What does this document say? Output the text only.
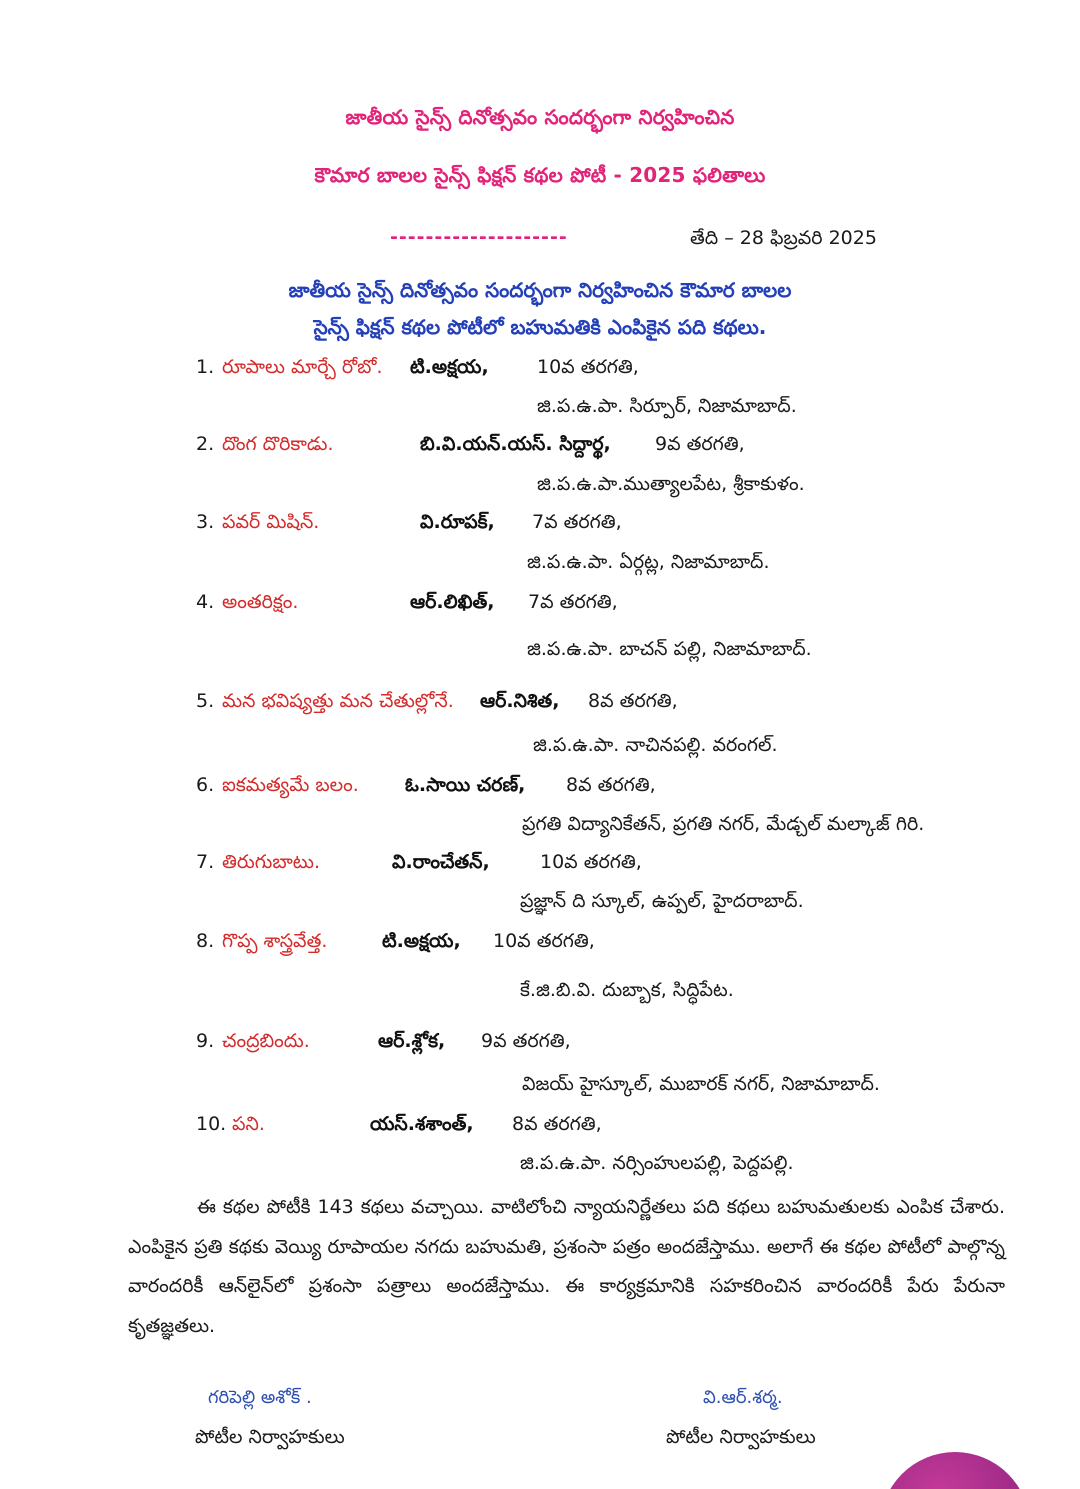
జాతీయ సైన్స్ దినోత్సవం సందర్భంగా నిర్వహించిన
కౌమార బాలల సైన్స్ ఫిక్షన్ కథల పోటీ - 2025 ఫలితాలు
--------------------	తేది – 28 ఫిబ్రవరి 2025
జాతీయ సైన్స్ దినోత్సవం సందర్భంగా నిర్వహించిన కౌమార బాలల
సైన్స్ ఫిక్షన్ కథల పోటీలో బహుమతికి ఎంపికైన పది కథలు.
1. రూపాలు మార్చే రోబో. టి.అక్షయ,	10వ తరగతి,
జి.ప.ఉ.పా. సిర్పూర్, నిజామాబాద్.
2. దొంగ దొరికాడు.	బి.వి.యన్.యస్. సిద్దార్థ, 9వ తరగతి,
జి.ప.ఉ.పా.ముత్యాలపేట, శ్రీకాకుళం.
3. పవర్ మిషిన్.	వి.రూపక్, 7వ తరగతి,
జి.ప.ఉ.పా. ఏర్గట్ల, నిజామాబాద్.
4. అంతరిక్షం.	ఆర్.లిఖిత్, 7వ తరగతి,
జి.ప.ఉ.పా. బాచన్ పల్లి, నిజామాబాద్.
5. మన భవిష్యత్తు మన చేతుల్లోనే. ఆర్.నిశిత, 8వ తరగతి,
జి.ప.ఉ.పా. నాచినపల్లి. వరంగల్.
6. ఐకమత్యమే బలం. ఓ.సాయి చరణ్, 8వ తరగతి,
ప్రగతి విద్యానికేతన్, ప్రగతి నగర్, మేడ్చల్ మల్కాజ్ గిరి.
7. తిరుగుబాటు.	వి.రాంచేతన్,	10వ తరగతి,
ప్రజ్ఞాన్ ది స్కూల్, ఉప్పల్, హైదరాబాద్.
8. గొప్ప శాస్త్రవేత్త.	టి.అక్షయ, 10వ తరగతి,
కే.జి.బి.వి. దుబ్బాక, సిద్ధిపేట.
9. చంద్రబిందు.	ఆర్.శ్లోక, 9వ తరగతి,
విజయ్ హైస్కూల్, ముబారక్ నగర్, నిజామాబాద్.
10. పని.	యస్.శశాంత్, 8వ తరగతి,
జి.ప.ఉ.పా. నర్సింహులపల్లి, పెద్దపల్లి.

ఈ కథల పోటీకి 143 కథలు వచ్చాయి. వాటిలోంచి న్యాయనిర్ణేతలు పది కథలు బహుమతులకు ఎంపిక చేశారు. ఎంపికైన ప్రతి కథకు వెయ్యి రూపాయల నగదు బహుమతి, ప్రశంసా పత్రం అందజేస్తాము. అలాగే ఈ కథల పోటీలో పాల్గొన్న వారందరికీ ఆన్‌లైన్‌లో ప్రశంసా పత్రాలు అందజేస్తాము. ఈ కార్యక్రమానికి సహకరించిన వారందరికీ పేరు పేరునా కృతజ్ఞతలు.

గరిపెల్లి అశోక్ .
పోటీల నిర్వాహకులు
వి.ఆర్.శర్మ.
పోటీల నిర్వాహకులు
